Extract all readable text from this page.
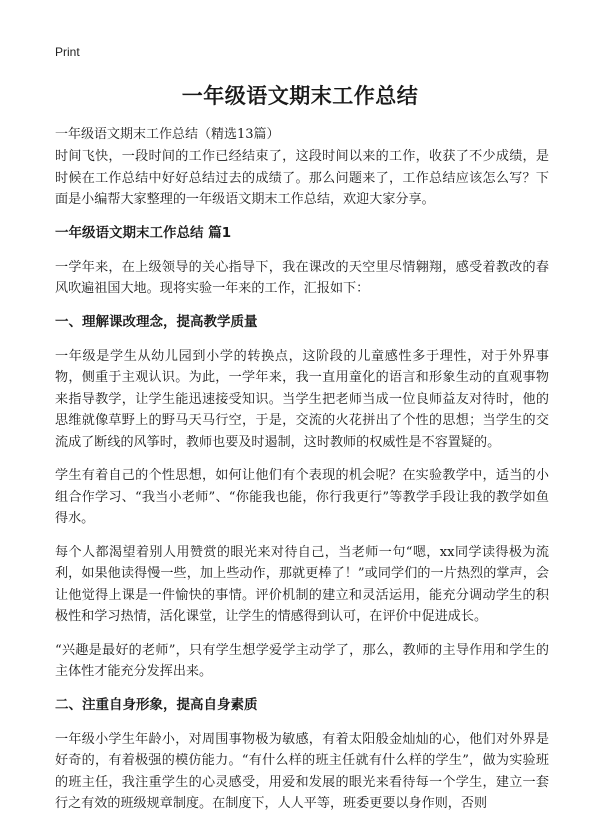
Print
一年级语文期末工作总结
一年级语文期末工作总结（精选13篇）

时间飞快，一段时间的工作已经结束了，这段时间以来的工作，收获了不少成绩，是时候在工作总结中好好总结过去的成绩了。那么问题来了，工作总结应该怎么写？下面是小编帮大家整理的一年级语文期末工作总结，欢迎大家分享。

一年级语文期末工作总结 篇1

一学年来，在上级领导的关心指导下，我在课改的天空里尽情翱翔，感受着教改的春风吹遍祖国大地。现将实验一年来的工作，汇报如下：

一、理解课改理念，提高教学质量

一年级是学生从幼儿园到小学的转换点，这阶段的儿童感性多于理性，对于外界事物，侧重于主观认识。为此，一学年来，我一直用童化的语言和形象生动的直观事物来指导教学，让学生能迅速接受知识。当学生把老师当成一位良师益友对待时，他的思维就像草野上的野马天马行空，于是，交流的火花拼出了个性的思想；当学生的交流成了断线的风筝时，教师也要及时遏制，这时教师的权威性是不容置疑的。

学生有着自己的个性思想，如何让他们有个表现的机会呢？在实验教学中，适当的小组合作学习、“我当小老师”、“你能我也能，你行我更行”等教学手段让我的教学如鱼得水。

每个人都渴望着别人用赞赏的眼光来对待自己，当老师一句“嗯，xx同学读得极为流利，如果他读得慢一些，加上些动作，那就更棒了！”或同学们的一片热烈的掌声，会让他觉得上课是一件愉快的事情。评价机制的建立和灵活运用，能充分调动学生的积极性和学习热情，活化课堂，让学生的情感得到认可，在评价中促进成长。

“兴趣是最好的老师”，只有学生想学爱学主动学了，那么，教师的主导作用和学生的主体性才能充分发挥出来。

二、注重自身形象，提高自身素质

一年级小学生年龄小，对周围事物极为敏感，有着太阳般金灿灿的心，他们对外界是好奇的，有着极强的模仿能力。“有什么样的班主任就有什么样的学生”，做为实验班的班主任，我注重学生的心灵感受，用爱和发展的眼光来看待每一个学生，建立一套行之有效的班级规章制度。在制度下，人人平等，班委更要以身作则，否则
